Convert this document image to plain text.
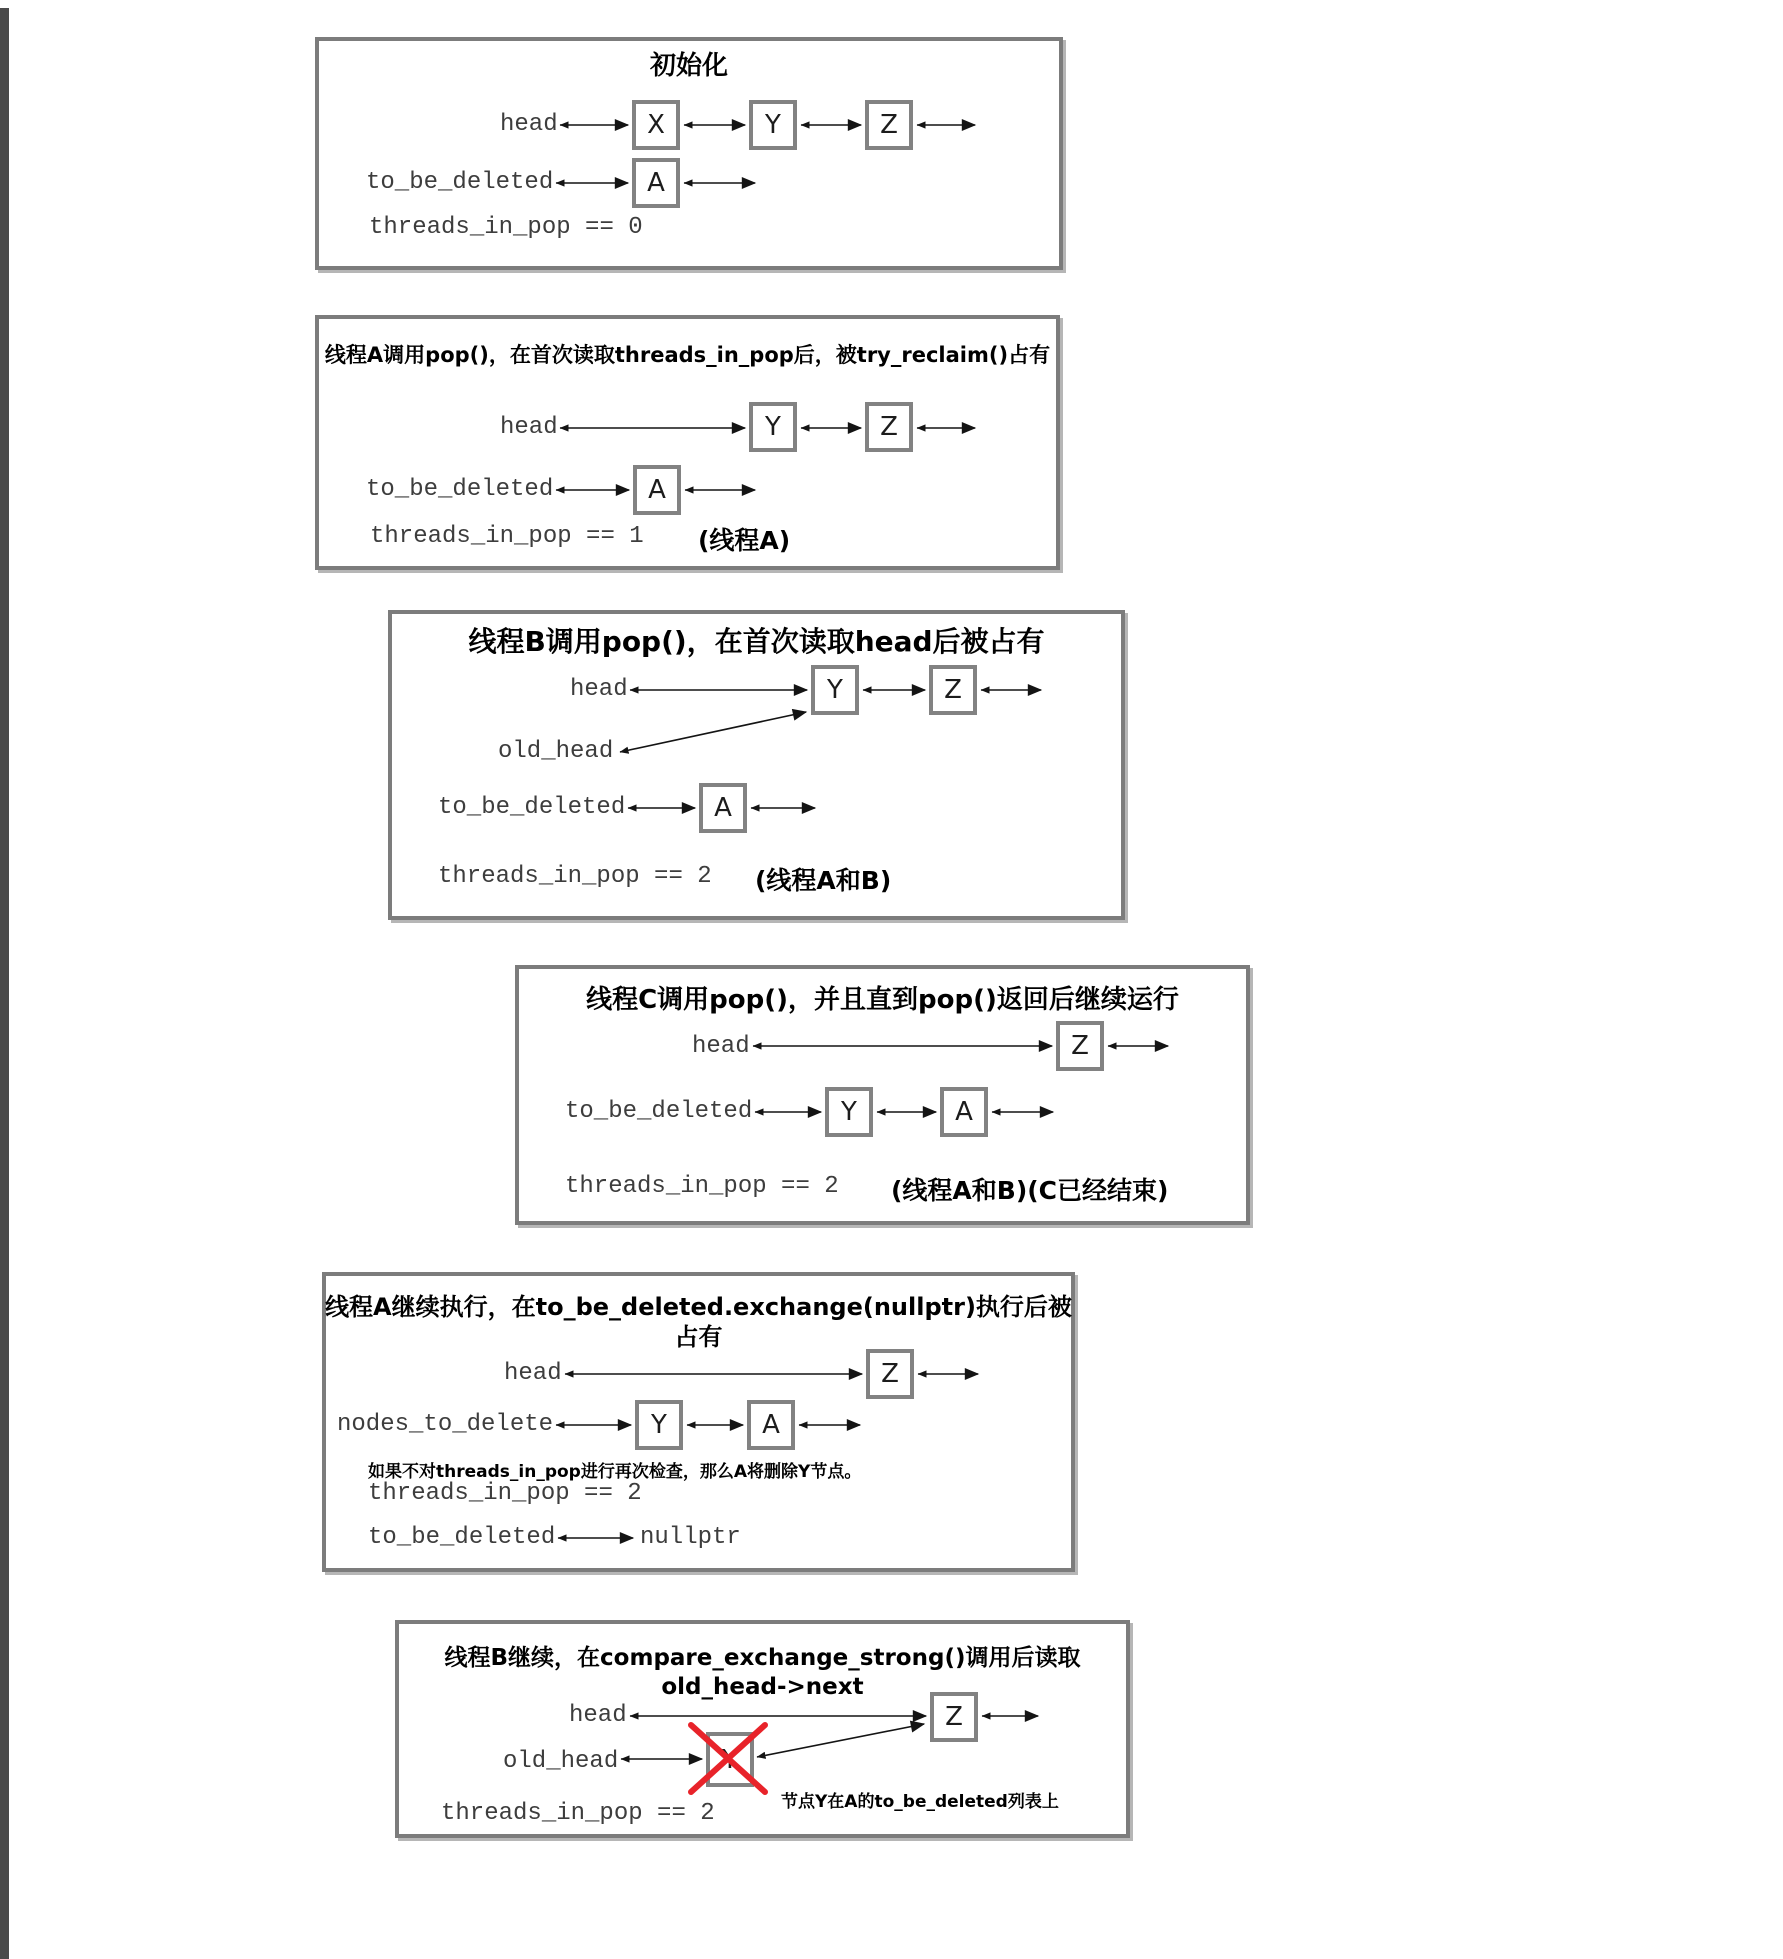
初始化
head	X	Y	Z
to_be_deleted	A
threads_in_pop == 0
线程A调用pop()，在首次读取threads_in_pop后，被try_reclaim()占有
head	Y	Z
to_be_deleted	A
threads_in_pop == 1 (线程A)
线程B调用pop()，在首次读取head后被占有
head	Y	Z
old_head
to_be_deleted	A
threads_in_pop == 2 (线程A和B)
线程C调用pop()，并且直到pop()返回后继续运行
head	Z
to_be_deleted	Y	A
threads_in_pop == 2 (线程A和B)(C已经结束)
线程A继续执行，在to_be_deleted.exchange(nullptr)执行后被占有
head	Z
nodes_to_delete	Y	A
如果不对threads_in_pop进行再次检查，那么A将删除Y节点。
threads_in_pop == 2
to_be_deleted	nullptr
线程B继续，在compare_exchange_strong()调用后读取old_head->next
head	Z
old_head	Y
threads_in_pop == 2	节点Y在A的to_be_deleted列表上
